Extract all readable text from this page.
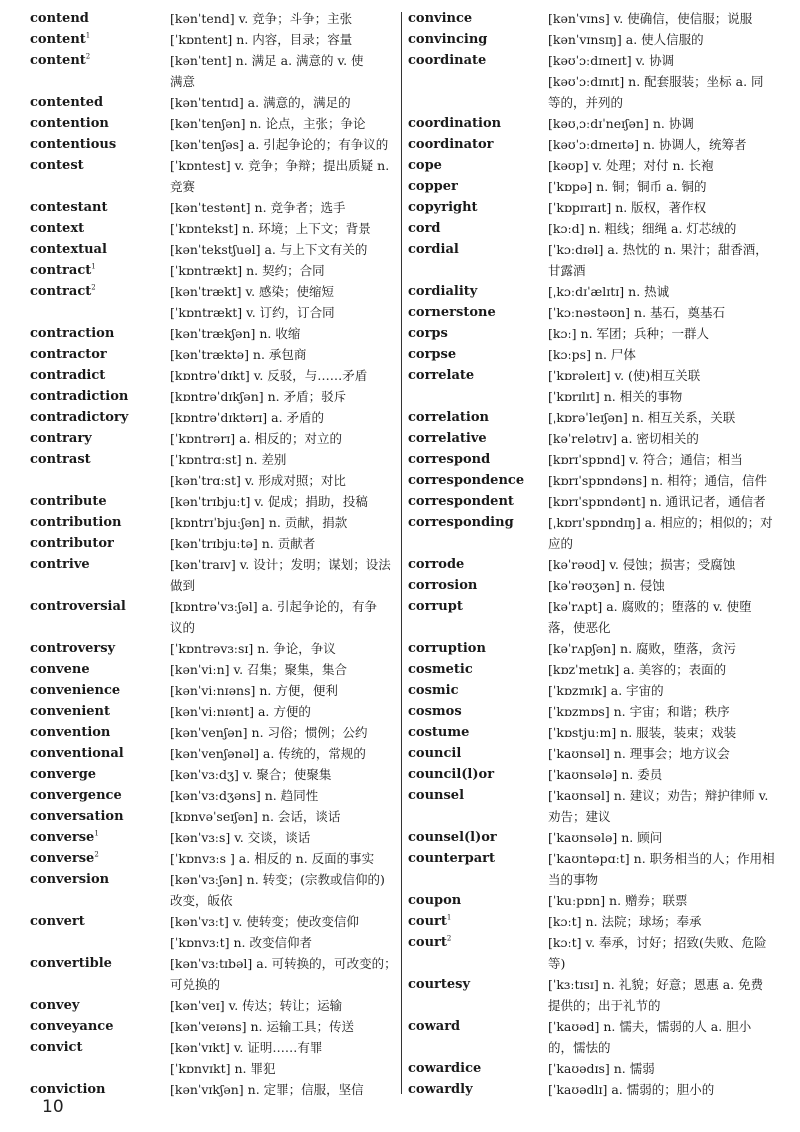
contend	[kənˈtend] v. 竞争；斗争；主张
content$^1$	[ˈkɒntent] n. 内容，目录；容量
content$^2$	[kənˈtent] n. 满足 a. 满意的 v. 使
满意
contented	[kənˈtentɪd] a. 满意的，满足的
contention	[kənˈtenʃən] n. 论点，主张；争论
contentious	[kənˈtenʃəs] a. 引起争论的；有争议的
contest	[ˈkɒntest] v. 竞争；争辩；提出质疑 n.
竞赛
contestant	[kənˈtestənt] n. 竞争者；选手
context	[ˈkɒntekst] n. 环境；上下文；背景
contextual	[kənˈtekstʃuəl] a. 与上下文有关的
contract$^1$	[ˈkɒntrækt] n. 契约；合同
contract$^2$	[kənˈtrækt] v. 感染；使缩短
[ˈkɒntrækt] v. 订约，订合同
contraction	[kənˈtrækʃən] n. 收缩
contractor	[kənˈtræktə] n. 承包商
contradict	[kɒntrəˈdɪkt] v. 反驳，与……矛盾
contradiction	[kɒntrəˈdɪkʃən] n. 矛盾；驳斥
contradictory	[kɒntrəˈdɪktərɪ] a. 矛盾的
contrary	[ˈkɒntrərɪ] a. 相反的；对立的
contrast	[ˈkɒntrɑːst] n. 差别
[kənˈtrɑːst] v. 形成对照；对比
contribute	[kənˈtrɪbjuːt] v. 促成；捐助，投稿
contribution	[kɒntrɪˈbjuːʃən] n. 贡献，捐款
contributor	[kənˈtrɪbjuːtə] n. 贡献者
contrive	[kənˈtraɪv] v. 设计；发明；谋划；设法
做到
controversial	[kɒntrəˈvɜːʃəl] a. 引起争论的，有争
议的
controversy	[ˈkɒntrəvɜːsɪ] n. 争论，争议
convene	[kənˈviːn] v. 召集；聚集，集合
convenience	[kənˈviːnɪəns] n. 方便，便利
convenient	[kənˈviːnɪənt] a. 方便的
convention	[kənˈvenʃən] n. 习俗；惯例；公约
conventional	[kənˈvenʃənəl] a. 传统的，常规的
converge	[kənˈvɜːdʒ] v. 聚合；使聚集
convergence	[kənˈvɜːdʒəns] n. 趋同性
conversation	[kɒnvəˈseɪʃən] n. 会话，谈话
converse$^1$	[kənˈvɜːs] v. 交谈，谈话
converse$^2$	[ˈkɒnvɜːs ] a. 相反的 n. 反面的事实
conversion	[kənˈvɜːʃən] n. 转变；(宗教或信仰的)
改变，皈依
convert	[kənˈvɜːt] v. 使转变；使改变信仰
[ˈkɒnvɜːt] n. 改变信仰者
convertible	[kənˈvɜːtɪbəl] a. 可转换的，可改变的；
可兑换的
convey	[kənˈveɪ] v. 传达；转让；运输
conveyance	[kənˈveɪəns] n. 运输工具；传送
convict	[kənˈvɪkt] v. 证明……有罪
[ˈkɒnvɪkt] n. 罪犯
conviction	[kənˈvɪkʃən] n. 定罪；信服，坚信
convince	[kənˈvɪns] v. 使确信，使信服；说服
convincing	[kənˈvɪnsɪŋ] a. 使人信服的
coordinate	[kəʊˈɔːdɪneɪt] v. 协调
[kəʊˈɔːdɪnɪt] n. 配套服装；坐标 a. 同
等的，并列的
coordination	[kəʊˌɔːdɪˈneɪʃən] n. 协调
coordinator	[kəʊˈɔːdɪneɪtə] n. 协调人，统筹者
cope	[kəʊp] v. 处理；对付 n. 长袍
copper	[ˈkɒpə] n. 铜；铜币 a. 铜的
copyright	[ˈkɒpɪraɪt] n. 版权，著作权
cord	[kɔːd] n. 粗线；细绳 a. 灯芯绒的
cordial	[ˈkɔːdɪəl] a. 热忱的 n. 果汁；甜香酒，
甘露酒
cordiality	[ˌkɔːdɪˈælɪtɪ] n. 热诚
cornerstone	[ˈkɔːnəstəʊn] n. 基石，奠基石
corps	[kɔː] n. 军团；兵种；一群人
corpse	[kɔːps] n. 尸体
correlate	[ˈkɒrəleɪt] v. (使)相互关联
[ˈkɒrɪlɪt] n. 相关的事物
correlation	[ˌkɒrəˈleɪʃən] n. 相互关系，关联
correlative	[kəˈrelətɪv] a. 密切相关的
correspond	[kɒrɪˈspɒnd] v. 符合；通信；相当
correspondence	[kɒrɪˈspɒndəns] n. 相符；通信，信件
correspondent	[kɒrɪˈspɒndənt] n. 通讯记者，通信者
corresponding	[ˌkɒrɪˈspɒndɪŋ] a. 相应的；相似的；对
应的
corrode	[kəˈrəʊd] v. 侵蚀；损害；受腐蚀
corrosion	[kəˈrəʊʒən] n. 侵蚀
corrupt	[kəˈrʌpt] a. 腐败的；堕落的 v. 使堕
落，使恶化
corruption	[kəˈrʌpʃən] n. 腐败，堕落，贪污
cosmetic	[kɒzˈmetɪk] a. 美容的；表面的
cosmic	[ˈkɒzmɪk] a. 宇宙的
cosmos	[ˈkɒzmɒs] n. 宇宙；和谐；秩序
costume	[ˈkɒstjuːm] n. 服装，装束；戏装
council	[ˈkaʊnsəl] n. 理事会；地方议会
council(l)or	[ˈkaʊnsələ] n. 委员
counsel	[ˈkaʊnsəl] n. 建议；劝告；辩护律师 v.
劝告；建议
counsel(l)or	[ˈkaʊnsələ] n. 顾问
counterpart	[ˈkaʊntəpɑːt] n. 职务相当的人；作用相
当的事物
coupon	[ˈkuːpɒn] n. 赠券；联票
court$^1$	[kɔːt] n. 法院；球场；奉承
court$^2$	[kɔːt] v. 奉承，讨好；招致(失败、危险
等)
courtesy	[ˈkɜːtɪsɪ] n. 礼貌；好意；恩惠 a. 免费
提供的；出于礼节的
coward	[ˈkaʊəd] n. 懦夫，懦弱的人 a. 胆小
的，懦怯的
cowardice	[ˈkaʊədɪs] n. 懦弱
cowardly	[ˈkaʊədlɪ] a. 懦弱的；胆小的
10
